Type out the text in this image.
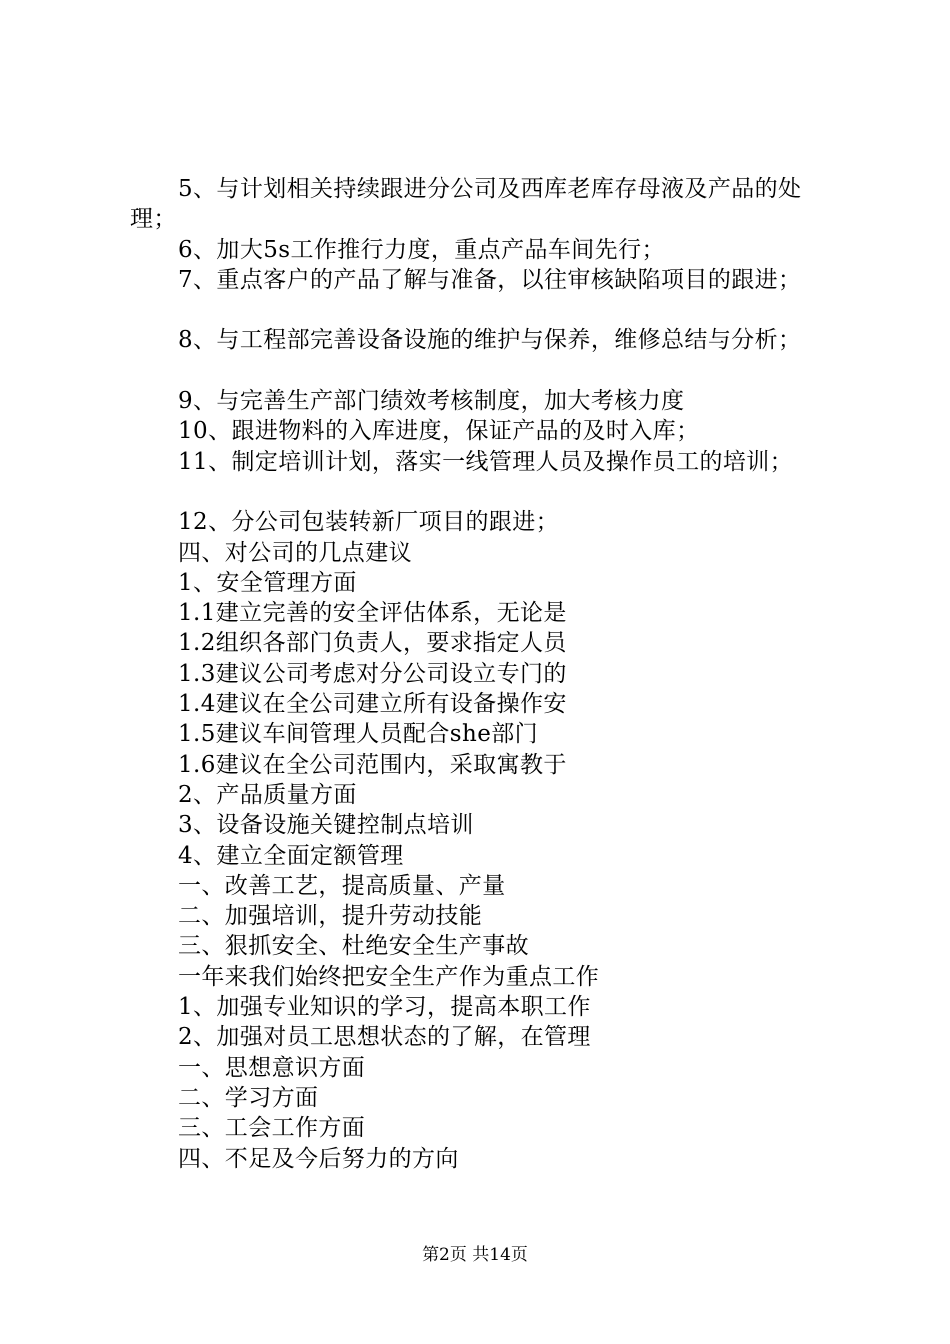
5、与计划相关持续跟进分公司及西库老库存母液及产品的处理；

6、加大5s工作推行力度，重点产品车间先行；

7、重点客户的产品了解与准备，以往审核缺陷项目的跟进；

8、与工程部完善设备设施的维护与保养，维修总结与分析；

9、与完善生产部门绩效考核制度，加大考核力度

10、跟进物料的入库进度，保证产品的及时入库；

11、制定培训计划，落实一线管理人员及操作员工的培训；

12、分公司包装转新厂项目的跟进；

四、对公司的几点建议

1、安全管理方面

1.1建立完善的安全评估体系，无论是

1.2组织各部门负责人，要求指定人员

1.3建议公司考虑对分公司设立专门的

1.4建议在全公司建立所有设备操作安

1.5建议车间管理人员配合she部门

1.6建议在全公司范围内，采取寓教于

2、产品质量方面

3、设备设施关键控制点培训

4、建立全面定额管理

一、改善工艺，提高质量、产量

二、加强培训，提升劳动技能

三、狠抓安全、杜绝安全生产事故

一年来我们始终把安全生产作为重点工作

1、加强专业知识的学习，提高本职工作

2、加强对员工思想状态的了解，在管理

一、思想意识方面

二、学习方面

三、工会工作方面

四、不足及今后努力的方向

第2页 共14页
